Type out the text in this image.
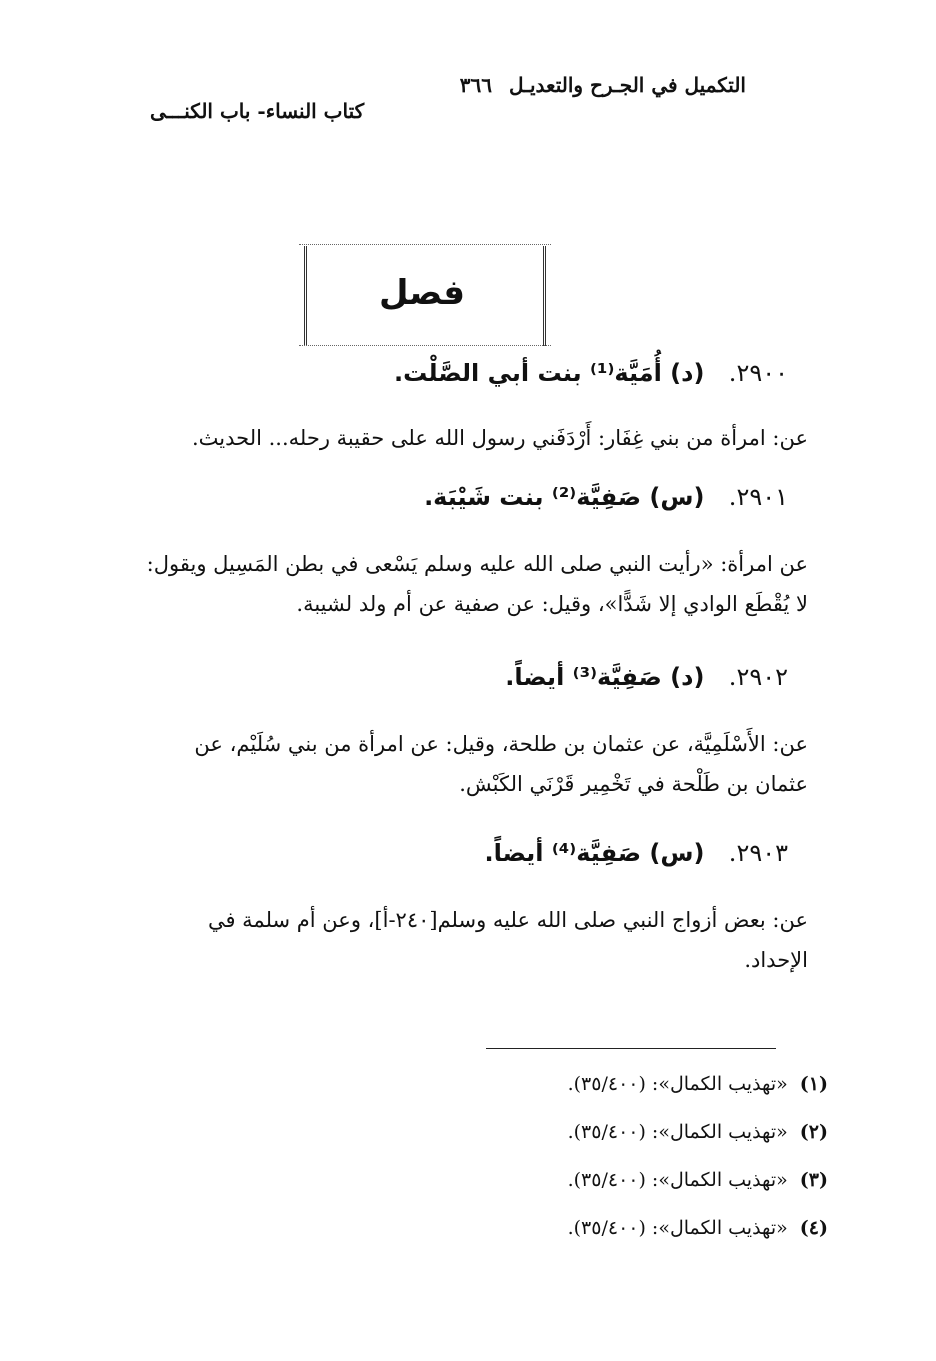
التكميل في الجـرح والتعديـل ٣٦٦
كتاب النساء- باب الكنـــى
فصل
٢٩٠٠. (د) أُمَيَّة⁽¹⁾ بنت أبي الصَّلْت.
عن: امرأة من بني غِفَار: أَرْدَفَني رسول الله على حقيبة رحله... الحديث.
٢٩٠١. (س) صَفِيَّة⁽²⁾ بنت شَيْبَة.
عن امرأة: «رأيت النبي صلى الله عليه وسلم يَسْعى في بطن المَسِيل ويقول:
لا يُقْطَع الوادي إلا شَدًّا»، وقيل: عن صفية عن أم ولد لشيبة.
٢٩٠٢. (د) صَفِيَّة⁽³⁾ أيضاً.
عن: الأَسْلَمِيَّة، عن عثمان بن طلحة، وقيل: عن امرأة من بني سُلَيْم، عن
عثمان بن طَلْحة في تَخْمِير قَرْنَي الكَبْش.
٢٩٠٣. (س) صَفِيَّة⁽⁴⁾ أيضاً.
عن: بعض أزواج النبي صلى الله عليه وسلم[٢٤٠-أ]، وعن أم سلمة في
الإحداد.
(١) «تهذيب الكمال»: (٣٥/٤٠٠).
(٢) «تهذيب الكمال»: (٣٥/٤٠٠).
(٣) «تهذيب الكمال»: (٣٥/٤٠٠).
(٤) «تهذيب الكمال»: (٣٥/٤٠٠).
